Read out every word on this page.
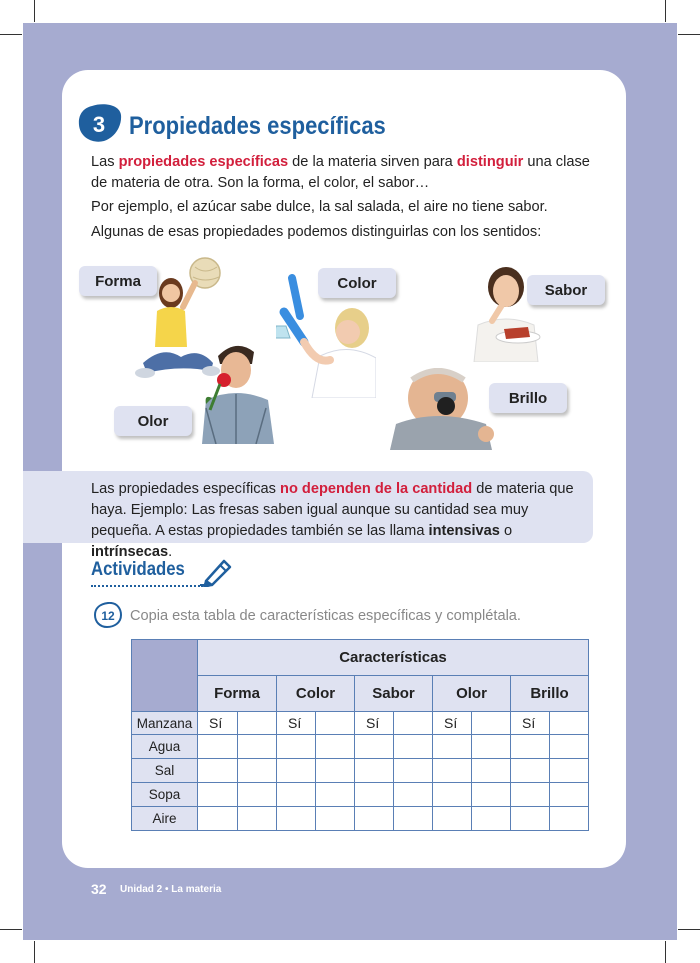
3 Propiedades específicas
Las propiedades específicas de la materia sirven para distinguir una clase de materia de otra. Son la forma, el color, el sabor…
Por ejemplo, el azúcar sabe dulce, la sal salada, el aire no tiene sabor.
Algunas de esas propiedades podemos distinguirlas con los sentidos:
Forma	Color	Sabor
Olor
Brillo
Las propiedades específicas no dependen de la cantidad de materia que haya. Ejemplo: Las fresas saben igual aunque su cantidad sea muy pequeña. A estas propiedades también se las llama intensivas o intrínsecas.
Actividades
12 Copia esta tabla de características específicas y complétala.
	Características									
	Forma		Color		Sabor		Olor		Brillo	
Manzana	Sí		Sí		Sí		Sí		Sí	
Agua										
Sal										
Sopa										
Aire										
32 Unidad 2 • La materia
